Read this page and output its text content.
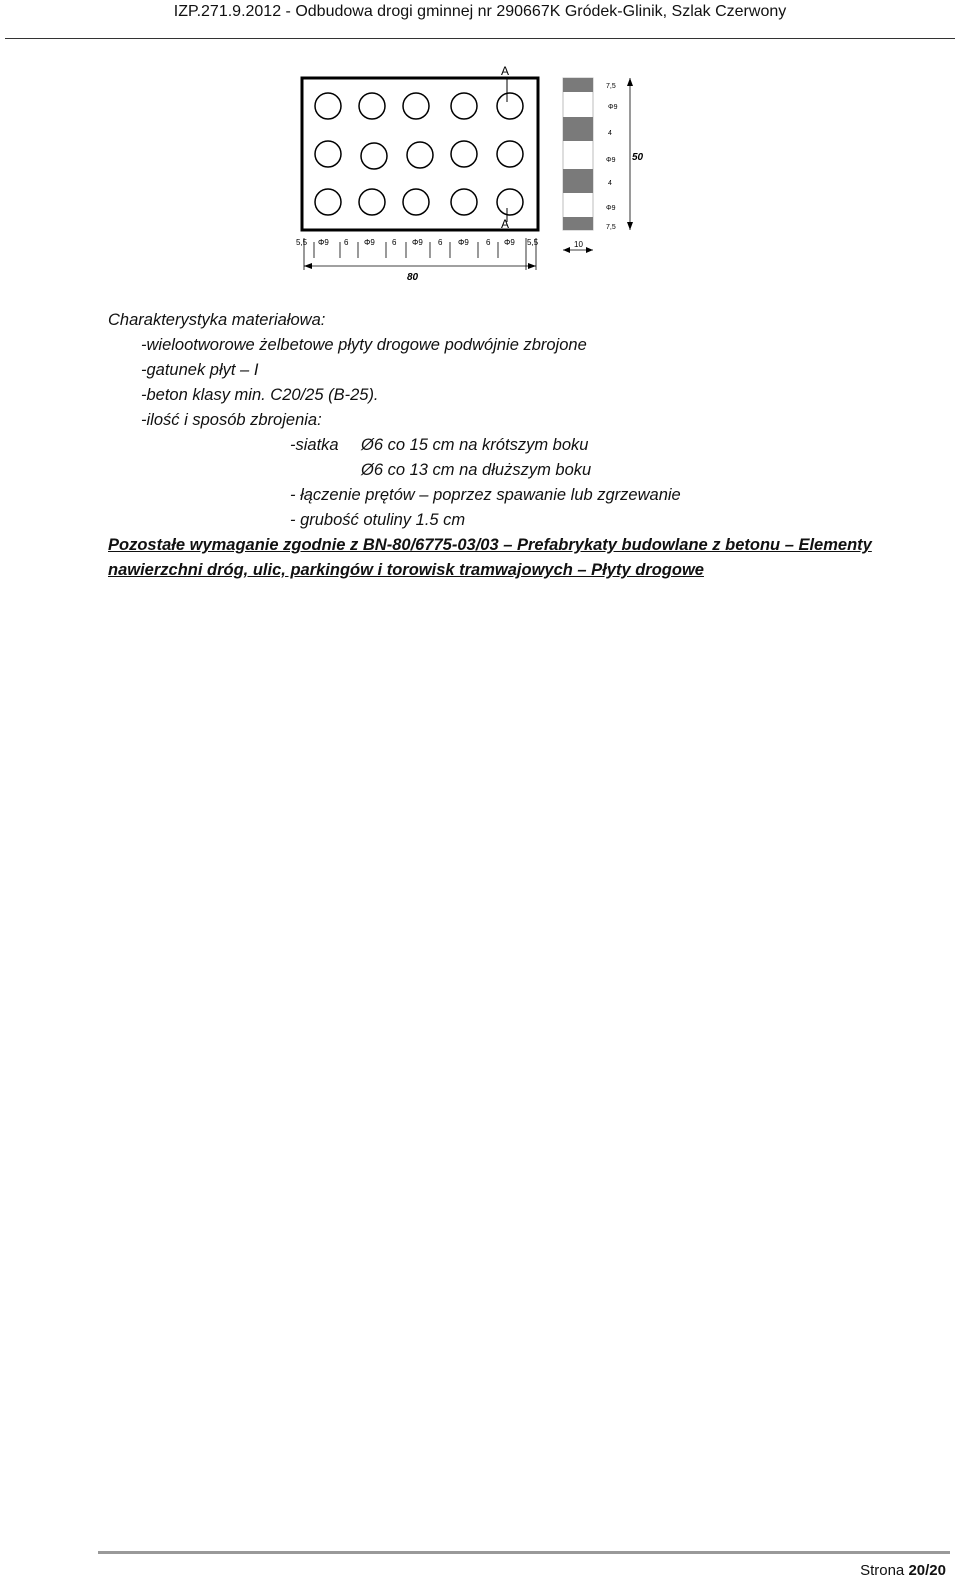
IZP.271.9.2012 - Odbudowa drogi gminnej nr 290667K Gródek-Glinik, Szlak Czerwony
A
A
5,5 Φ9 6 Φ9 6 Φ9 6 Φ9 6 Φ9 5,5
80
7,5
Φ9
4
Φ9
4
Φ9
7,5
50
10
Charakterystyka materiałowa:
-wielootworowe żelbetowe płyty drogowe podwójnie zbrojone
-gatunek płyt – I
-beton klasy min. C20/25 (B-25).
-ilość i sposób zbrojenia:
-siatka Ø6 co 15 cm na krótszym boku
Ø6 co 13 cm na dłuższym boku
- łączenie prętów – poprzez spawanie lub zgrzewanie
- grubość otuliny 1.5 cm
Pozostałe wymaganie zgodnie z BN-80/6775-03/03 – Prefabrykaty budowlane z betonu – Elementy
nawierzchni dróg, ulic, parkingów i torowisk tramwajowych – Płyty drogowe
Strona 20/20
